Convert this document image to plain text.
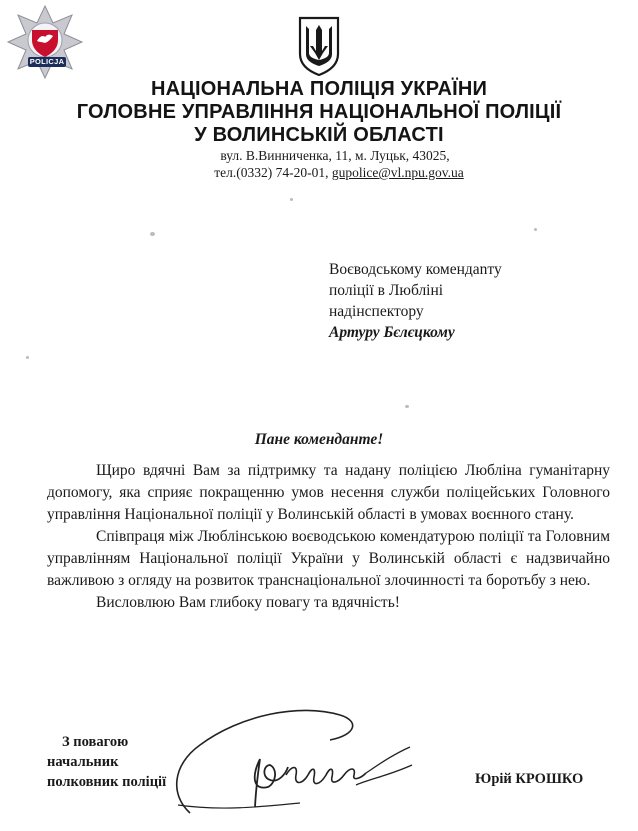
POLICJA
НАЦІОНАЛЬНА ПОЛІЦІЯ УКРАЇНИ
ГОЛОВНЕ УПРАВЛІННЯ НАЦІОНАЛЬНОЇ ПОЛІЦІЇ
У ВОЛИНСЬКІЙ ОБЛАСТІ
вул. В.Винниченка, 11, м. Луцьк, 43025,
тел.(0332) 74-20-01, gupolice@vl.npu.gov.ua
Воєводському комендanту
поліції в Любліні
надінспектору
Артуру Бєлєцкому
Пане коменданте!

Щиро вдячні Вам за підтримку та надану поліцією Любліна гуманітарну допомогу, яка сприяє покращенню умов несення служби поліцейських Головного управління Національної поліції у Волинській області в умовах воєнного стану.

Співпраця між Люблінською воєводською комендатурою поліції та Головним управлінням Національної поліції України у Волинській області є надзвичайно важливою з огляду на розвиток транснаціональної злочинності та боротьбу з нею.

Висловлюю Вам глибоку повагу та вдячність!

З повагою
начальник
полковник поліції	Юрій КРОШКО
